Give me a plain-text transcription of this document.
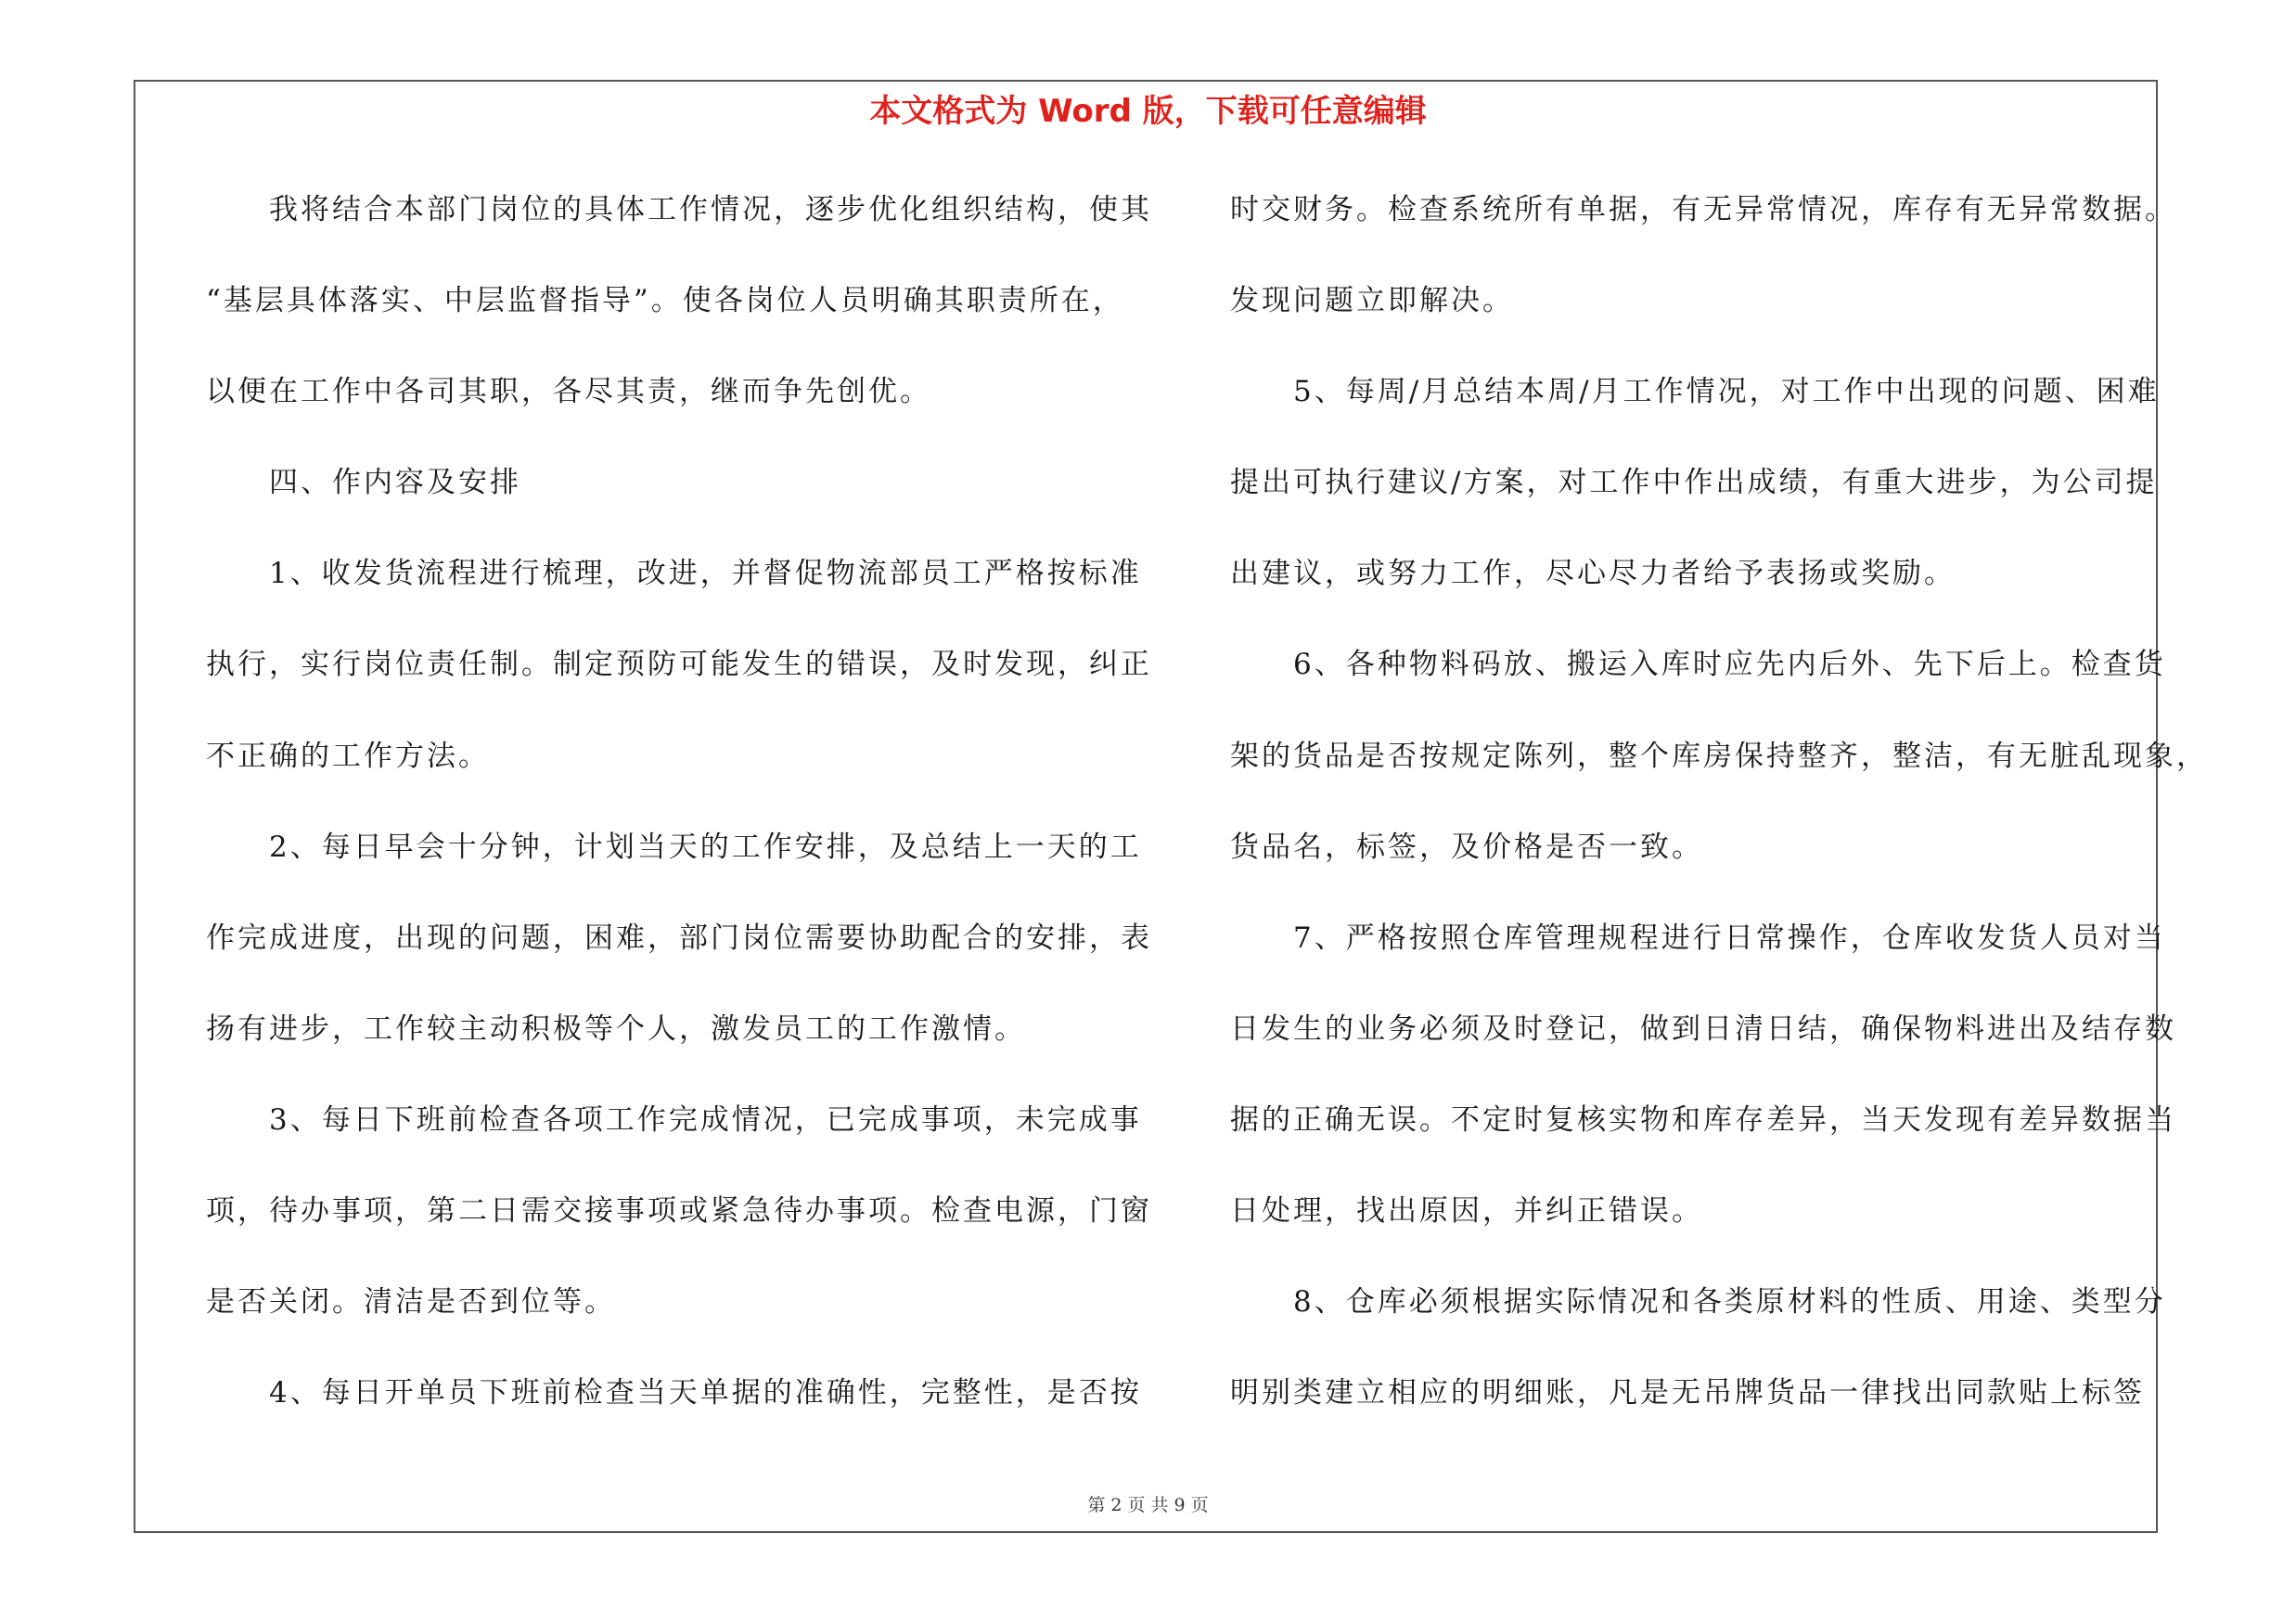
本文格式为 Word 版，下载可任意编辑
　　我将结合本部门岗位的具体工作情况，逐步优化组织结构，使其
“基层具体落实、中层监督指导”。使各岗位人员明确其职责所在，
以便在工作中各司其职，各尽其责，继而争先创优。
　　四、作内容及安排
　　1、收发货流程进行梳理，改进，并督促物流部员工严格按标准
执行，实行岗位责任制。制定预防可能发生的错误，及时发现，纠正
不正确的工作方法。
　　2、每日早会十分钟，计划当天的工作安排，及总结上一天的工
作完成进度，出现的问题，困难，部门岗位需要协助配合的安排，表
扬有进步，工作较主动积极等个人，激发员工的工作激情。
　　3、每日下班前检查各项工作完成情况，已完成事项，未完成事
项，待办事项，第二日需交接事项或紧急待办事项。检查电源，门窗
是否关闭。清洁是否到位等。
　　4、每日开单员下班前检查当天单据的准确性，完整性，是否按
时交财务。检查系统所有单据，有无异常情况，库存有无异常数据。
发现问题立即解决。
　　5、每周/月总结本周/月工作情况，对工作中出现的问题、困难
提出可执行建议/方案，对工作中作出成绩，有重大进步，为公司提
出建议，或努力工作，尽心尽力者给予表扬或奖励。
　　6、各种物料码放、搬运入库时应先内后外、先下后上。检查货
架的货品是否按规定陈列，整个库房保持整齐，整洁，有无脏乱现象，
货品名，标签，及价格是否一致。
　　7、严格按照仓库管理规程进行日常操作，仓库收发货人员对当
日发生的业务必须及时登记，做到日清日结，确保物料进出及结存数
据的正确无误。不定时复核实物和库存差异，当天发现有差异数据当
日处理，找出原因，并纠正错误。
　　8、仓库必须根据实际情况和各类原材料的性质、用途、类型分
明别类建立相应的明细账，凡是无吊牌货品一律找出同款贴上标签
第 2 页 共 9 页
